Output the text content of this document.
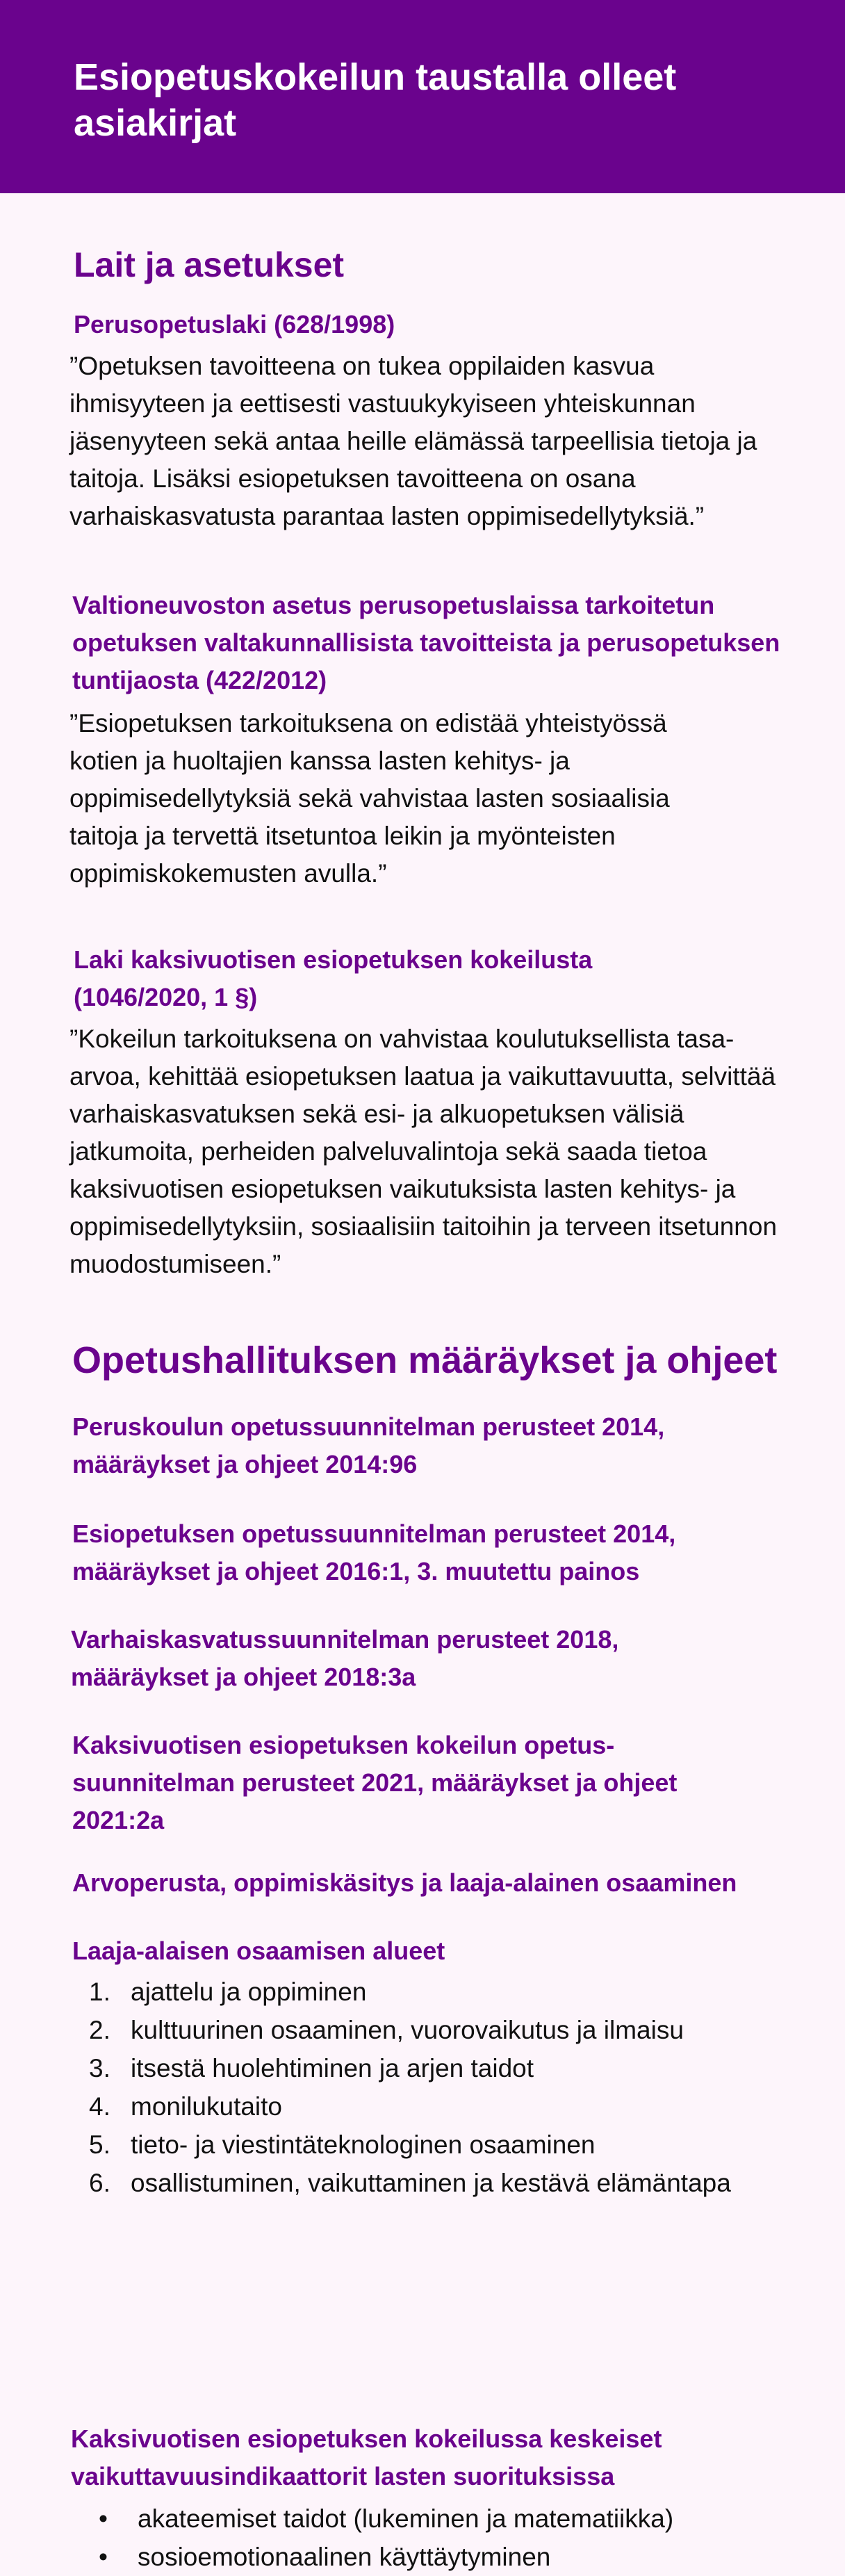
Esiopetuskokeilun taustalla olleet asiakirjat
Lait ja asetukset
Perusopetuslaki (628/1998)

”Opetuksen tavoitteena on tukea oppilaiden kasvua ihmisyyteen ja eettisesti vastuukykyiseen yhteiskunnan jäsenyyteen sekä antaa heille elämässä tarpeellisia tietoja ja taitoja. Lisäksi esiopetuksen tavoitteena on osana varhaiskasvatusta parantaa lasten oppimisedellytyksiä.”

Valtioneuvoston asetus perusopetuslaissa tarkoitetun opetuksen valtakunnallisista tavoitteista ja perusopetuksen tuntijaosta (422/2012)

”Esiopetuksen tarkoituksena on edistää yhteistyössä kotien ja huoltajien kanssa lasten kehitys- ja oppimisedellytyksiä sekä vahvistaa lasten sosiaalisia taitoja ja tervettä itsetuntoa leikin ja myönteisten oppimiskokemusten avulla.”

Laki kaksivuotisen esiopetuksen kokeilusta (1046/2020, 1 §)

”Kokeilun tarkoituksena on vahvistaa koulutuksellista tasa-arvoa, kehittää esiopetuksen laatua ja vaikuttavuutta, selvittää varhaiskasvatuksen sekä esi- ja alkuopetuksen välisiä jatkumoita, perheiden palveluvalintoja sekä saada tietoa kaksivuotisen esiopetuksen vaikutuksista lasten kehitys- ja oppimisedellytyksiin, sosiaalisiin taitoihin ja terveen itsetunnon muodostumiseen.”

Opetushallituksen määräykset ja ohjeet
Peruskoulun opetussuunnitelman perusteet 2014, määräykset ja ohjeet 2014:96
Esiopetuksen opetussuunnitelman perusteet 2014, määräykset ja ohjeet 2016:1, 3. muutettu painos
Varhaiskasvatussuunnitelman perusteet 2018, määräykset ja ohjeet 2018:3a
Kaksivuotisen esiopetuksen kokeilun opetus-suunnitelman perusteet 2021, määräykset ja ohjeet 2021:2a
Arvoperusta, oppimiskäsitys ja laaja-alainen osaaminen
Laaja-alaisen osaamisen alueet
1. ajattelu ja oppiminen
2. kulttuurinen osaaminen, vuorovaikutus ja ilmaisu
3. itsestä huolehtiminen ja arjen taidot
4. monilukutaito
5. tieto- ja viestintäteknologinen osaaminen
6. osallistuminen, vaikuttaminen ja kestävä elämäntapa
Kaksivuotisen esiopetuksen kokeilussa keskeiset vaikuttavuusindikaattorit lasten suorituksissa
• akateemiset taidot (lukeminen ja matematiikka)
• sosioemotionaalinen käyttäytyminen
